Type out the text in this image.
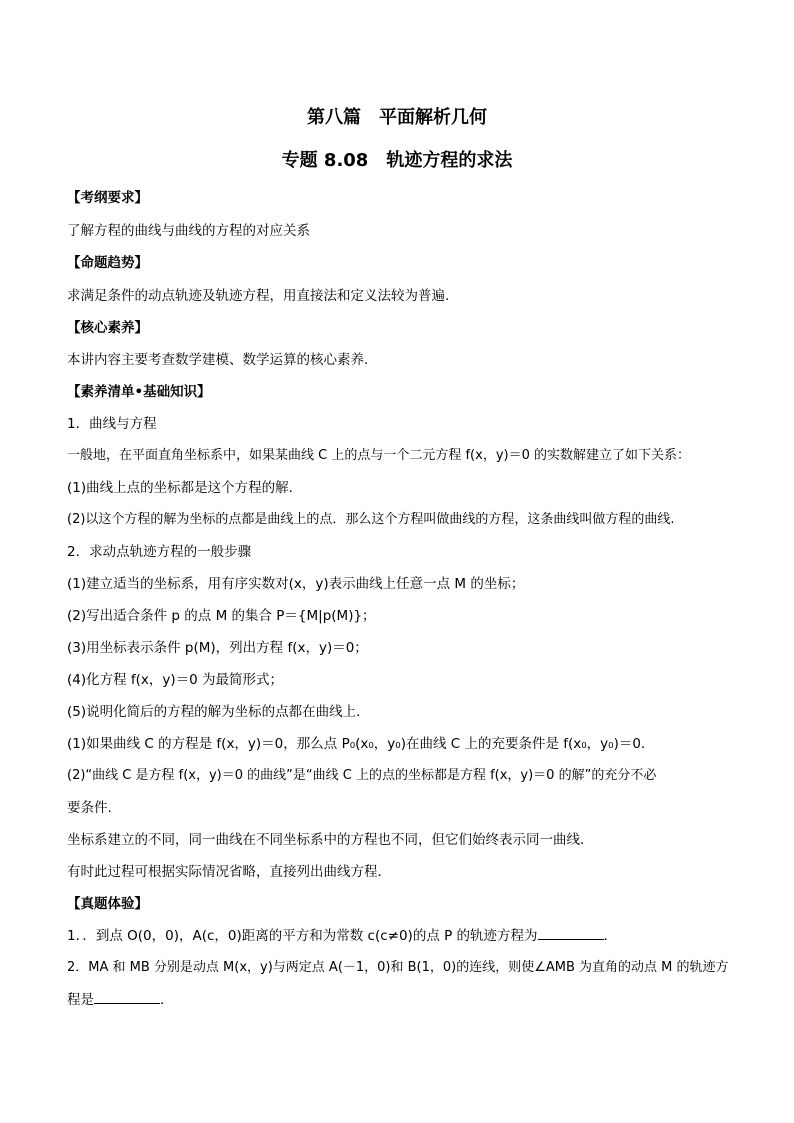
第八篇　平面解析几何
专题 8.08　轨迹方程的求法
【考纲要求】
了解方程的曲线与曲线的方程的对应关系
【命题趋势】
求满足条件的动点轨迹及轨迹方程，用直接法和定义法较为普遍.
【核心素养】
本讲内容主要考查数学建模、数学运算的核心素养.
【素养清单•基础知识】
1．曲线与方程
一般地，在平面直角坐标系中，如果某曲线 C 上的点与一个二元方程 f(x，y)＝0 的实数解建立了如下关系：
(1)曲线上点的坐标都是这个方程的解．
(2)以这个方程的解为坐标的点都是曲线上的点．那么这个方程叫做曲线的方程，这条曲线叫做方程的曲线.
2．求动点轨迹方程的一般步骤
(1)建立适当的坐标系，用有序实数对(x，y)表示曲线上任意一点 M 的坐标；
(2)写出适合条件 p 的点 M 的集合 P＝{M|p(M)}；
(3)用坐标表示条件 p(M)，列出方程 f(x，y)＝0；
(4)化方程 f(x，y)＝0 为最简形式；
(5)说明化简后的方程的解为坐标的点都在曲线上．
(1)如果曲线 C 的方程是 f(x，y)＝0，那么点 P₀(x₀，y₀)在曲线 C 上的充要条件是 f(x₀，y₀)＝0.
(2)“曲线 C 是方程 f(x，y)＝0 的曲线”是“曲线 C 上的点的坐标都是方程 f(x，y)＝0 的解”的充分不必
要条件.
坐标系建立的不同，同一曲线在不同坐标系中的方程也不同，但它们始终表示同一曲线．
有时此过程可根据实际情况省略，直接列出曲线方程．
【真题体验】
1．．到点 O(0，0)，A(c，0)距离的平方和为常数 c(c≠0)的点 P 的轨迹方程为	．
2．MA 和 MB 分别是动点 M(x，y)与两定点 A(－1，0)和 B(1，0)的连线，则使∠AMB 为直角的动点 M 的轨迹方
程是	.
